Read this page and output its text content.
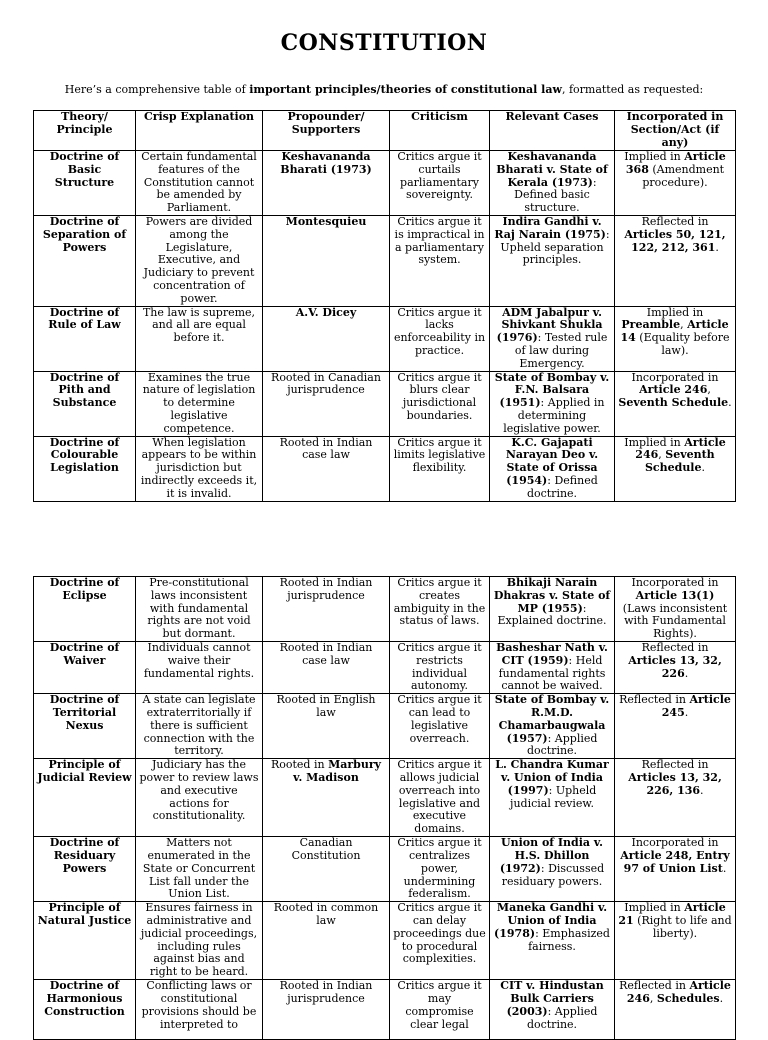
CONSTITUTION
Here’s a comprehensive table of important principles/theories of constitutional law, formatted as requested:
Theory/ Principle	Crisp Explanation	Propounder/ Supporters	Criticism	Relevant Cases	Incorporated in Section/Act (if any)
Doctrine of Basic Structure	Certain fundamental features of the Constitution cannot be amended by Parliament.	Keshavananda Bharati (1973)	Critics argue it curtails parliamentary sovereignty.	Keshavananda Bharati v. State of Kerala (1973): Defined basic structure.	Implied in Article 368 (Amendment procedure).
Doctrine of Separation of Powers	Powers are divided among the Legislature, Executive, and Judiciary to prevent concentration of power.	Montesquieu	Critics argue it is impractical in a parliamentary system.	Indira Gandhi v. Raj Narain (1975): Upheld separation principles.	Reflected in Articles 50, 121, 122, 212, 361.
Doctrine of Rule of Law	The law is supreme, and all are equal before it.	A.V. Dicey	Critics argue it lacks enforceability in practice.	ADM Jabalpur v. Shivkant Shukla (1976): Tested rule of law during Emergency.	Implied in Preamble, Article 14 (Equality before law).
Doctrine of Pith and Substance	Examines the true nature of legislation to determine legislative competence.	Rooted in Canadian jurisprudence	Critics argue it blurs clear jurisdictional boundaries.	State of Bombay v. F.N. Balsara (1951): Applied in determining legislative power.	Incorporated in Article 246, Seventh Schedule.
Doctrine of Colourable Legislation	When legislation appears to be within jurisdiction but indirectly exceeds it, it is invalid.	Rooted in Indian case law	Critics argue it limits legislative flexibility.	K.C. Gajapati Narayan Deo v. State of Orissa (1954): Defined doctrine.	Implied in Article 246, Seventh Schedule.
Doctrine of Eclipse	Pre-constitutional laws inconsistent with fundamental rights are not void but dormant.	Rooted in Indian jurisprudence	Critics argue it creates ambiguity in the status of laws.	Bhikaji Narain Dhakras v. State of MP (1955): Explained doctrine.	Incorporated in Article 13(1) (Laws inconsistent with Fundamental Rights).
Doctrine of Waiver	Individuals cannot waive their fundamental rights.	Rooted in Indian case law	Critics argue it restricts individual autonomy.	Basheshar Nath v. CIT (1959): Held fundamental rights cannot be waived.	Reflected in Articles 13, 32, 226.
Doctrine of Territorial Nexus	A state can legislate extraterritorially if there is sufficient connection with the territory.	Rooted in English law	Critics argue it can lead to legislative overreach.	State of Bombay v. R.M.D. Chamarbaugwala (1957): Applied doctrine.	Reflected in Article 245.
Principle of Judicial Review	Judiciary has the power to review laws and executive actions for constitutionality.	Rooted in Marbury v. Madison	Critics argue it allows judicial overreach into legislative and executive domains.	L. Chandra Kumar v. Union of India (1997): Upheld judicial review.	Reflected in Articles 13, 32, 226, 136.
Doctrine of Residuary Powers	Matters not enumerated in the State or Concurrent List fall under the Union List.	Canadian Constitution	Critics argue it centralizes power, undermining federalism.	Union of India v. H.S. Dhillon (1972): Discussed residuary powers.	Incorporated in Article 248, Entry 97 of Union List.
Principle of Natural Justice	Ensures fairness in administrative and judicial proceedings, including rules against bias and right to be heard.	Rooted in common law	Critics argue it can delay proceedings due to procedural complexities.	Maneka Gandhi v. Union of India (1978): Emphasized fairness.	Implied in Article 21 (Right to life and liberty).
Doctrine of Harmonious Construction	Conflicting laws or constitutional provisions should be interpreted to	Rooted in Indian jurisprudence	Critics argue it may compromise clear legal	CIT v. Hindustan Bulk Carriers (2003): Applied doctrine.	Reflected in Article 246, Schedules.
